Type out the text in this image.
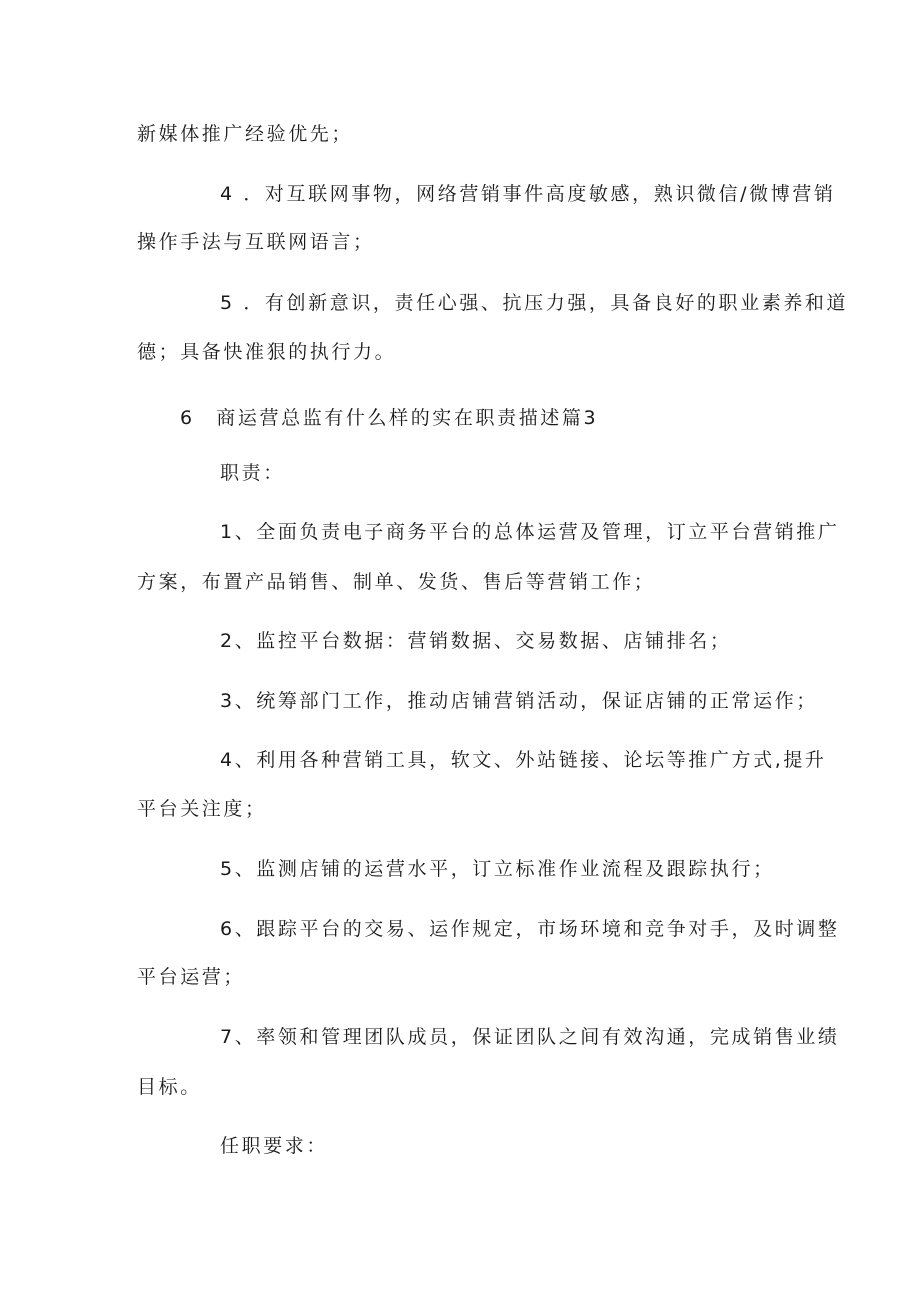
新媒体推广经验优先；
4 ．对互联网事物，网络营销事件高度敏感，熟识微信/微博营销
操作手法与互联网语言；
5 ．有创新意识，责任心强、抗压力强，具备良好的职业素养和道
德；具备快准狠的执行力。
6　商运营总监有什么样的实在职责描述篇3
职责：
1、全面负责电子商务平台的总体运营及管理，订立平台营销推广
方案，布置产品销售、制单、发货、售后等营销工作；
2、监控平台数据：营销数据、交易数据、店铺排名；
3、统筹部门工作，推动店铺营销活动，保证店铺的正常运作；
4、利用各种营销工具，软文、外站链接、论坛等推广方式,提升
平台关注度；
5、监测店铺的运营水平，订立标准作业流程及跟踪执行；
6、跟踪平台的交易、运作规定，市场环境和竞争对手，及时调整
平台运营；
7、率领和管理团队成员，保证团队之间有效沟通，完成销售业绩
目标。
任职要求：
